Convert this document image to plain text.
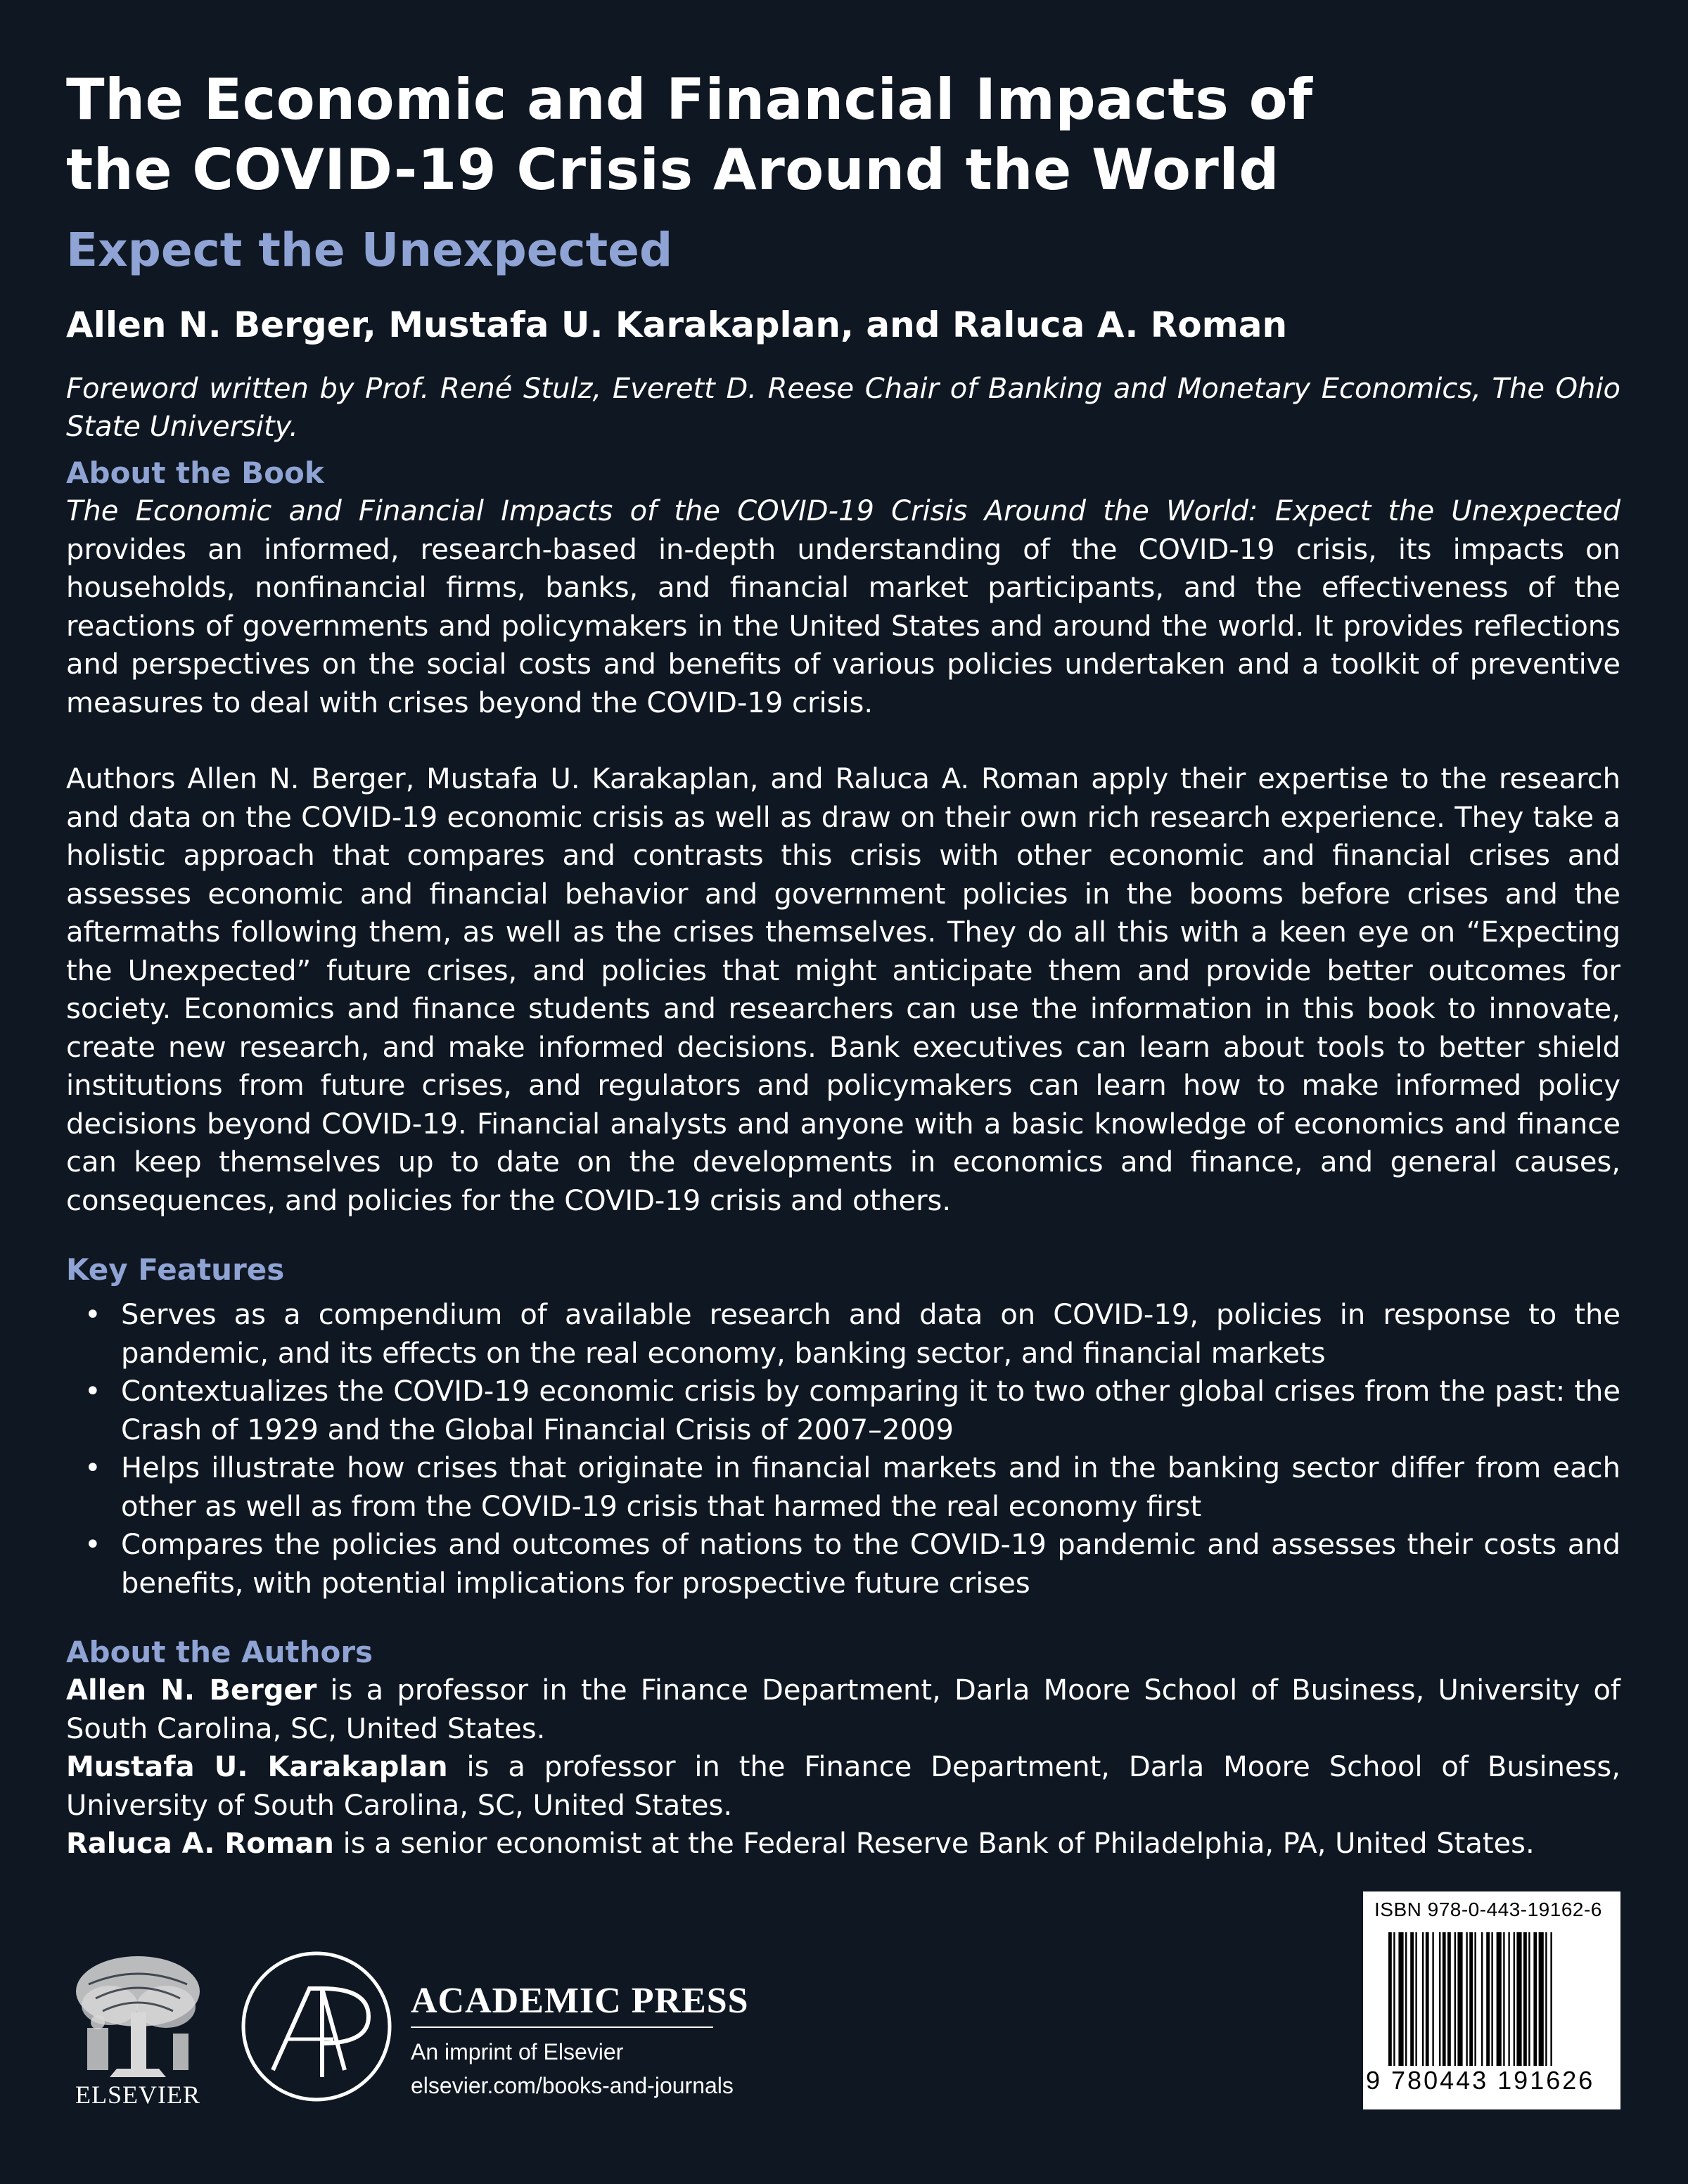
The Economic and Financial Impacts of
the COVID-19 Crisis Around the World
Expect the Unexpected
Allen N. Berger, Mustafa U. Karakaplan, and Raluca A. Roman

Foreword written by Prof. René Stulz, Everett D. Reese Chair of Banking and Monetary Economics, The Ohio State University.

About the Book

The Economic and Financial Impacts of the COVID-19 Crisis Around the World: Expect the Unexpected provides an informed, research-based in-depth understanding of the COVID-19 crisis, its impacts on households, nonfinancial firms, banks, and financial market participants, and the effectiveness of the reactions of governments and policymakers in the United States and around the world. It provides reflections and perspectives on the social costs and benefits of various policies undertaken and a toolkit of preventive measures to deal with crises beyond the COVID-19 crisis.

Authors Allen N. Berger, Mustafa U. Karakaplan, and Raluca A. Roman apply their expertise to the research and data on the COVID-19 economic crisis as well as draw on their own rich research experience. They take a holistic approach that compares and contrasts this crisis with other economic and financial crises and assesses economic and financial behavior and government policies in the booms before crises and the aftermaths following them, as well as the crises themselves. They do all this with a keen eye on “Expecting the Unexpected” future crises, and policies that might anticipate them and provide better outcomes for society. Economics and finance students and researchers can use the information in this book to innovate, create new research, and make informed decisions. Bank executives can learn about tools to better shield institutions from future crises, and regulators and policymakers can learn how to make informed policy decisions beyond COVID-19. Financial analysts and anyone with a basic knowledge of economics and finance can keep themselves up to date on the developments in economics and finance, and general causes, consequences, and policies for the COVID-19 crisis and others.

Key Features
• Serves as a compendium of available research and data on COVID-19, policies in response to the pandemic, and its effects on the real economy, banking sector, and financial markets
• Contextualizes the COVID-19 economic crisis by comparing it to two other global crises from the past: the Crash of 1929 and the Global Financial Crisis of 2007–2009
• Helps illustrate how crises that originate in financial markets and in the banking sector differ from each other as well as from the COVID-19 crisis that harmed the real economy first
• Compares the policies and outcomes of nations to the COVID-19 pandemic and assesses their costs and benefits, with potential implications for prospective future crises
About the Authors

Allen N. Berger is a professor in the Finance Department, Darla Moore School of Business, University of South Carolina, SC, United States.

Mustafa U. Karakaplan is a professor in the Finance Department, Darla Moore School of Business, University of South Carolina, SC, United States.

Raluca A. Roman is a senior economist at the Federal Reserve Bank of Philadelphia, PA, United States.

ELSEVIER
ACADEMIC PRESS
An imprint of Elsevier
elsevier.com/books-and-journals
ISBN 978-0-443-19162-6
9 780443 191626
